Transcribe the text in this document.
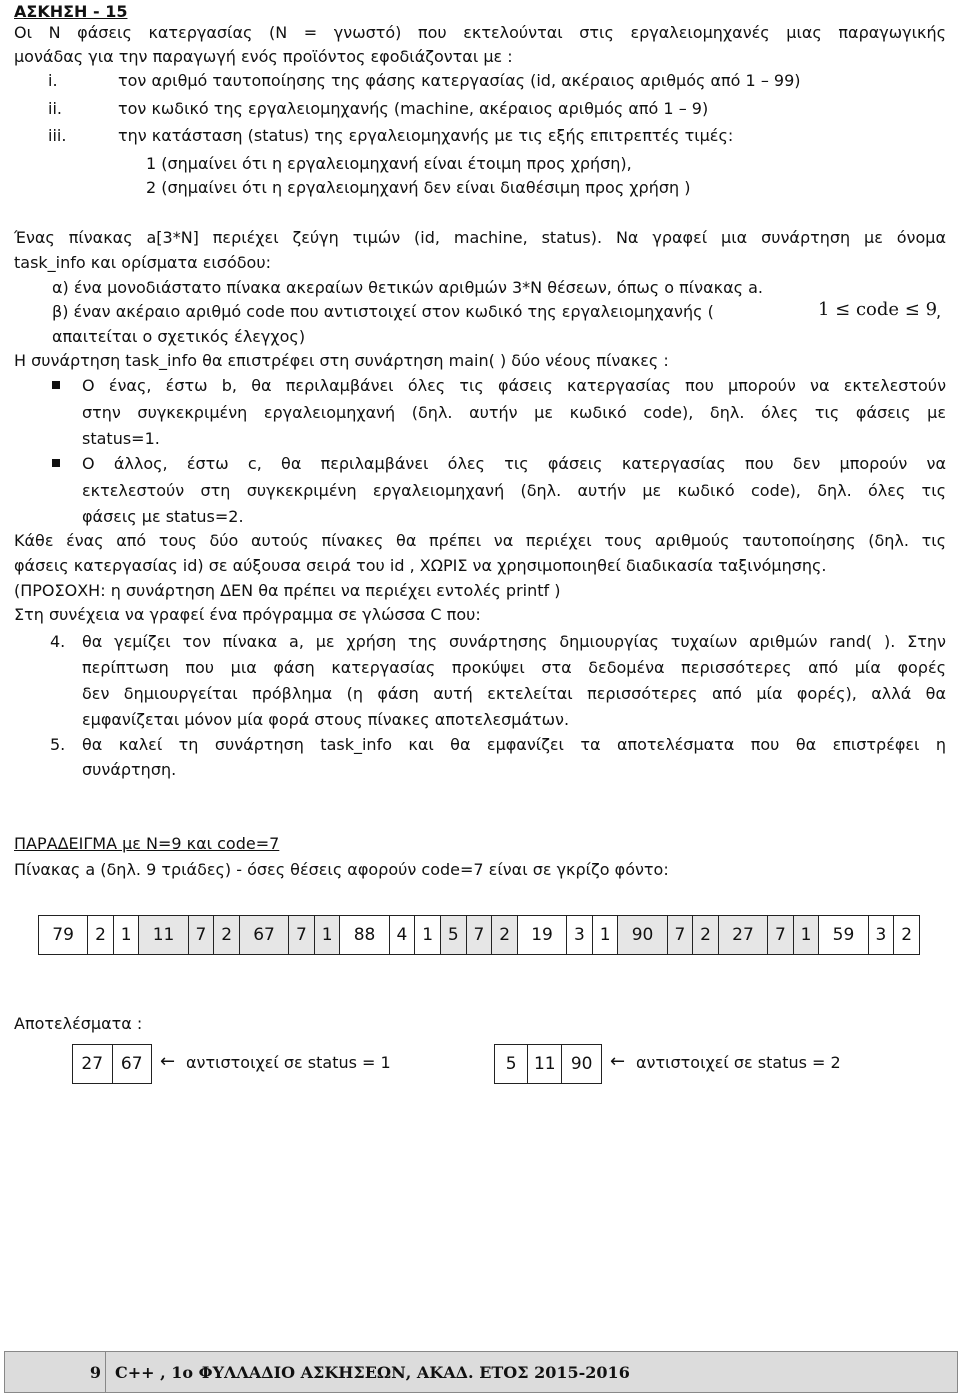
ΑΣΚΗΣΗ - 15
Οι N φάσεις κατεργασίας (N = γνωστό) που εκτελούνται στις εργαλειομηχανές μιας παραγωγικής
μονάδας για την παραγωγή ενός προϊόντος εφοδιάζονται με :
i.	τον αριθμό ταυτοποίησης της φάσης κατεργασίας (id, ακέραιος αριθμός από 1 – 99)
ii.	τον κωδικό της εργαλειομηχανής (machine, ακέραιος αριθμός από 1 – 9)
iii.	την κατάσταση (status) της εργαλειομηχανής με τις εξής επιτρεπτές τιμές:
1 (σημαίνει ότι η εργαλειομηχανή είναι έτοιμη προς χρήση),
2 (σημαίνει ότι η εργαλειομηχανή δεν είναι διαθέσιμη προς χρήση )
Ένας πίνακας a[3*N] περιέχει ζεύγη τιμών (id, machine, status). Να γραφεί μια συνάρτηση με όνομα
task_info και ορίσματα εισόδου:
α) ένα μονοδιάστατο πίνακα ακεραίων θετικών αριθμών 3*N θέσεων, όπως ο πίνακας a.
β) έναν ακέραιο αριθμό code που αντιστοιχεί στον κωδικό της εργαλειομηχανής (	1 ≤ code ≤ 9
,
απαιτείται ο σχετικός έλεγχος)
Η συνάρτηση task_info θα επιστρέφει στη συνάρτηση main( ) δύο νέους πίνακες :
Ο ένας, έστω b, θα περιλαμβάνει όλες τις φάσεις κατεργασίας που μπορούν να εκτελεστούν
στην συγκεκριμένη εργαλειομηχανή (δηλ. αυτήν με κωδικό code), δηλ. όλες τις φάσεις με
status=1.
Ο άλλος, έστω c, θα περιλαμβάνει όλες τις φάσεις κατεργασίας που δεν μπορούν να
εκτελεστούν στη συγκεκριμένη εργαλειομηχανή (δηλ. αυτήν με κωδικό code), δηλ. όλες τις
φάσεις με status=2.
Κάθε ένας από τους δύο αυτούς πίνακες θα πρέπει να περιέχει τους αριθμούς ταυτοποίησης (δηλ. τις
φάσεις κατεργασίας id) σε αύξουσα σειρά του id , ΧΩΡΙΣ να χρησιμοποιηθεί διαδικασία ταξινόμησης.
(ΠΡΟΣΟΧΗ: η συνάρτηση ΔΕΝ θα πρέπει να περιέχει εντολές printf )
Στη συνέχεια να γραφεί ένα πρόγραμμα σε γλώσσα C που:
4. θα γεμίζει τον πίνακα a, με χρήση της συνάρτησης δημιουργίας τυχαίων αριθμών rand( ). Στην
περίπτωση που μια φάση κατεργασίας προκύψει στα δεδομένα περισσότερες από μία φορές
δεν δημιουργείται πρόβλημα (η φάση αυτή εκτελείται περισσότερες από μία φορές), αλλά θα
εμφανίζεται μόνον μία φορά στους πίνακες αποτελεσμάτων.
5. θα καλεί τη συνάρτηση task_info και θα εμφανίζει τα αποτελέσματα που θα επιστρέφει η
συνάρτηση.
ΠΑΡΑΔΕΙΓΜΑ με N=9 και code=7
Πίνακας a (δηλ. 9 τριάδες) - όσες θέσεις αφορούν code=7 είναι σε γκρίζο φόντο:
79	2	1	11	7	2	67	7	1	88	4	1	5	7	2	19	3	1	90	7	2	27	7	1	59	3	2
Αποτελέσματα :
27	67 ← αντιστοιχεί σε status = 1	5	11	90 ← αντιστοιχεί σε status = 2
9 C++ , 1ο ΦΥΛΛΑΔΙΟ ΑΣΚΗΣΕΩΝ, ΑΚΑΔ. ΕΤΟΣ 2015-2016
